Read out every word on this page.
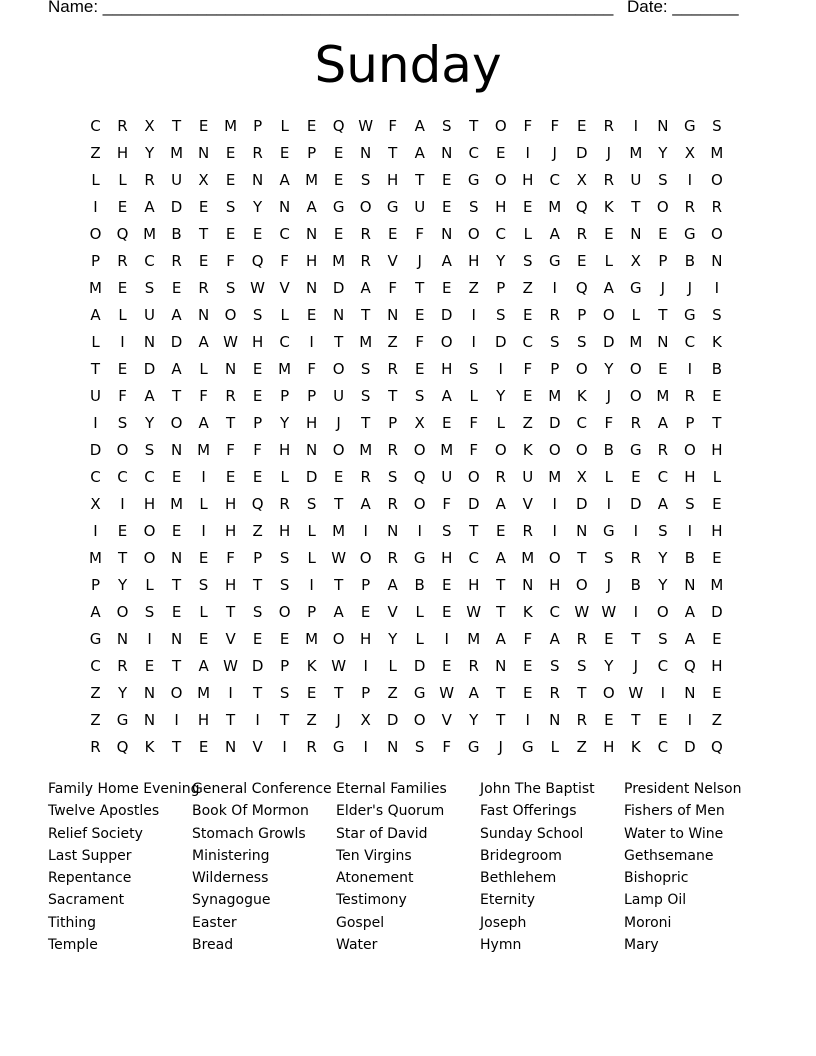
Name: ______________________________________________________ Date: _______
Sunday
C	R	X	T	E	M	P	L	E	Q W	F	A	S	T	O	F	F	E	R	I	N	G	S
Z	H	Y	M N	E	R	E	P	E	N	T	A	N	C	E	I	J	D	J	M	Y	X	M
L	L	R	U	X	E	N	A	M	E	S	H	T	E	G	O	H	C	X	R	U	S	I	O
I	E	A	D	E	S	Y	N	A	G	O	G	U	E	S	H	E	M Q	K	T	O	R	R
O	Q M	B	T	E	E	C	N	E	R	E	F	N	O	C	L	A	R	E	N	E	G	O
P	R	C	R	E	F	Q	F	H M	R	V	J	A	H	Y	S	G	E	L	X	P	B	N
M	E	S	E	R	S W V	N	D	A	F	T	E	Z	P	Z	I	Q	A	G	J	J	I
A	L	U	A	N	O	S	L	E	N	T	N	E	D	I	S	E	R	P	O	L	T	G	S
L	I	N	D	A W H	C	I	T	M	Z	F	O	I	D	C	S	S	D M N	C	K
T	E	D	A	L	N	E	M	F	O	S	R	E	H	S	I	F	P	O	Y	O	E	I	B
U	F	A	T	F	R	E	P	P	U	S	T	S	A	L	Y	E	M	K	J	O M	R	E
I	S	Y	O	A	T	P	Y	H	J	T	P	X	E	F	L	Z	D	C	F	R	A	P	T
D	O	S	N M	F	F	H	N	O M	R	O M	F	O	K	O	O	B	G	R	O	H
C	C	C	E	I	E	E	L	D	E	R	S	Q	U	O	R	U	M	X	L	E	C	H	L
X	I	H M	L	H	Q	R	S	T	A	R	O	F	D	A	V	I	D	I	D	A	S	E
I	E	O	E	I	H	Z	H	L	M	I	N	I	S	T	E	R	I	N	G	I	S	I	H
M	T	O	N	E	F	P	S	L	W O	R	G	H	C	A	M O	T	S	R	Y	B	E
P	Y	L	T	S	H	T	S	I	T	P	A	B	E	H	T	N	H	O	J	B	Y	N M
A	O	S	E	L	T	S	O	P	A	E	V	L	E W	T	K	C W W	I	O	A	D
G	N	I	N	E	V	E	E	M O	H	Y	L	I	M	A	F	A	R	E	T	S	A	E
C	R	E	T	A W D	P	K W	I	L	D	E	R	N	E	S	S	Y	J	C	Q	H
Z	Y	N	O M	I	T	S	E	T	P	Z	G W A	T	E	R	T	O W	I	N	E
Z	G	N	I	H	T	I	T	Z	J	X	D	O	V	Y	T	I	N	R	E	T	E	I	Z
R	Q	K	T	E	N	V	I	R	G	I	N	S	F	G	J	G	L	Z	H	K	C	D	Q
Family Home Evening
Twelve Apostles
Relief Society
Last Supper
Repentance
Sacrament
Tithing
Temple
General Conference
Book Of Mormon
Stomach Growls
Ministering
Wilderness
Synagogue
Easter
Bread
Eternal Families
Elder's Quorum
Star of David
Ten Virgins
Atonement
Testimony
Gospel
Water
John The Baptist
Fast Offerings
Sunday School
Bridegroom
Bethlehem
Eternity
Joseph
Hymn
President Nelson
Fishers of Men
Water to Wine
Gethsemane
Bishopric
Lamp Oil
Moroni
Mary
